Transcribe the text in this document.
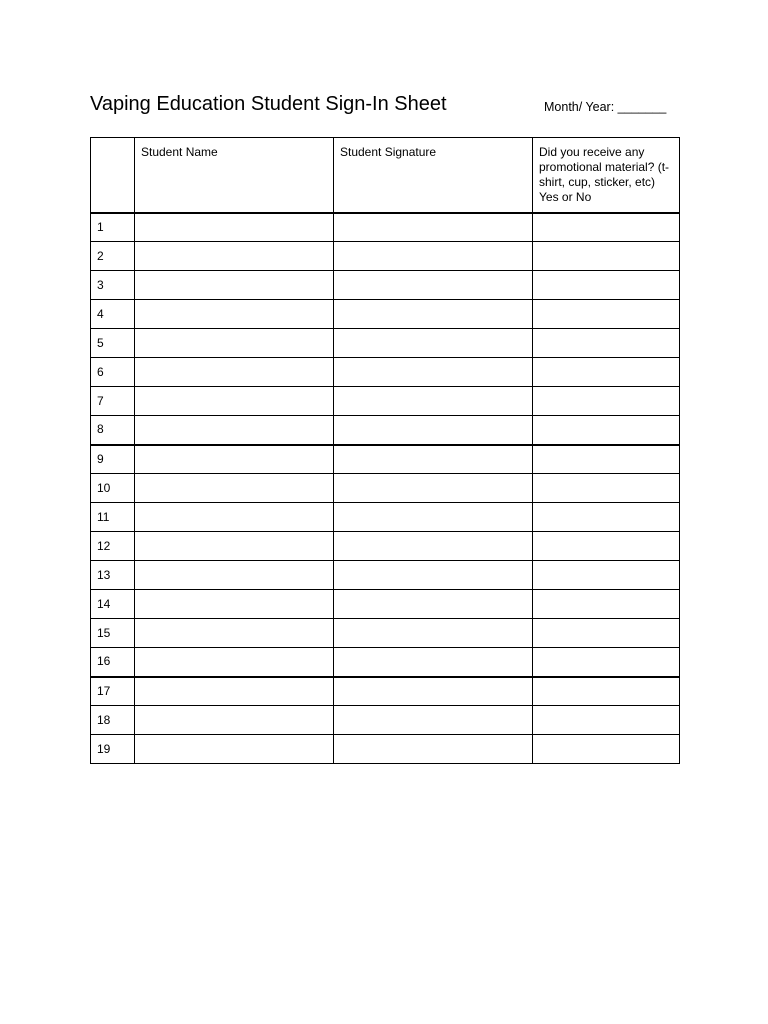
Vaping Education Student Sign-In Sheet	Month/ Year: _______
	Student Name	Student Signature	Did you receive any promotional material? (t-shirt, cup, sticker, etc) Yes or No
1			
2			
3			
4			
5			
6			
7			
8			
9			
10			
11			
12			
13			
14			
15			
16			
17			
18			
19			
